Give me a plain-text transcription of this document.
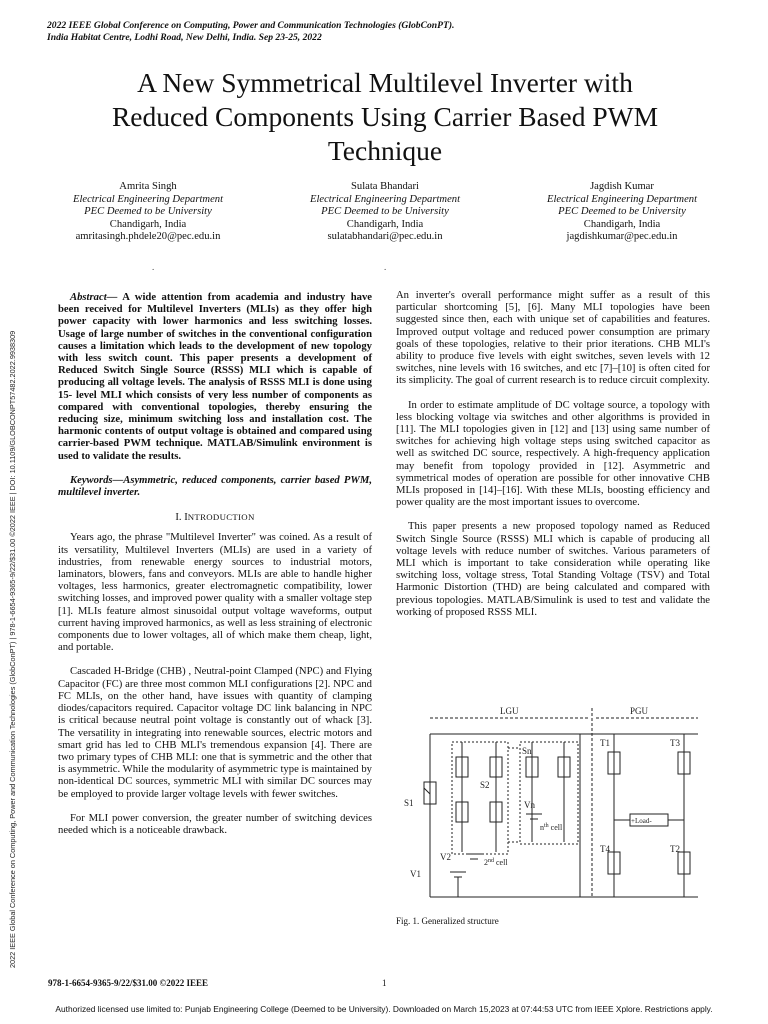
2022 IEEE Global Conference on Computing, Power and Communication Technologies (GlobConPT).
India Habitat Centre, Lodhi Road, New Delhi, India. Sep 23-25, 2022
A New Symmetrical Multilevel Inverter with
Reduced Components Using Carrier Based PWM
Technique
Amrita Singh
Electrical Engineering Department
PEC Deemed to be University
Chandigarh, India
amritasingh.phdele20@pec.edu.in
Sulata Bhandari
Electrical Engineering Department
PEC Deemed to be University
Chandigarh, India
sulatabhandari@pec.edu.in
Jagdish Kumar
Electrical Engineering Department
PEC Deemed to be University
Chandigarh, India
jagdishkumar@pec.edu.in
.	.
2022 IEEE Global Conference on Computing, Power and Communication Technologies (GlobConPT) | 978-1-6654-9365-9/22/$31.00 ©2022 IEEE | DOI: 10.1109/GLOBCONPT57482.2022.9938309
Abstract— A wide attention from academia and industry have been received for Multilevel Inverters (MLIs) as they offer high power capacity with lower harmonics and less switching losses. Usage of large number of switches in the conventional configuration causes a limitation which leads to the development of new topology with less switch count. This paper presents a development of Reduced Switch Single Source (RSSS) MLI which is capable of producing all voltage levels. The analysis of RSSS MLI is done using 15- level MLI which consists of very less number of components as compared with conventional topologies, thereby ensuring the reducing size, minimum switching loss and installation cost. The harmonic contents of output voltage is obtained and compared using carrier-based PWM technique. MATLAB/Simulink environment is used to validate the results.
Keywords—Asymmetric, reduced components, carrier based PWM, multilevel inverter.
I. INTRODUCTION

Years ago, the phrase "Multilevel Inverter" was coined. As a result of its versatility, Multilevel Inverters (MLIs) are used in a variety of industries, from renewable energy sources to industrial motors, laminators, blowers, fans and conveyors. MLIs are able to handle higher voltages, less harmonics, greater electromagnetic compatibility, lower switching losses, and improved power quality with a smaller voltage step [1]. MLIs feature almost sinusoidal output voltage waveforms, output current having improved harmonics, as well as less straining of electronic components due to lower voltages, all of which make them cheap, light, and portable.

Cascaded H-Bridge (CHB) , Neutral-point Clamped (NPC) and Flying Capacitor (FC) are three most common MLI configurations [2]. NPC and FC MLIs, on the other hand, have issues with quantity of clamping diodes/capacitors required. Capacitor voltage DC link balancing in NPC is critical because neutral point voltage is constantly out of whack [3]. The versatility in integrating into renewable sources, electric motors and smart grid has led to CHB MLI's tremendous expansion [4]. There are two primary types of CHB MLI: one that is symmetric and the other that is asymmetric. While the modularity of asymmetric type is maintained by non-identical DC sources, symmetric MLI with similar DC sources may be employed to provide larger voltage levels with fewer switches.

For MLI power conversion, the greater number of switching devices needed which is a noticeable drawback.

An inverter's overall performance might suffer as a result of this particular shortcoming [5], [6]. Many MLI topologies have been suggested since then, each with unique set of capabilities and features. Improved output voltage and reduced power consumption are primary goals of these topologies, relative to their prior iterations. CHB MLI's ability to produce five levels with eight switches, seven levels with 12 switches, nine levels with 16 switches, and etc [7]–[10] is often cited for its simplicity. The goal of current research is to reduce circuit complexity.

In order to estimate amplitude of DC voltage source, a topology with less blocking voltage via switches and other algorithms is provided in [11]. The MLI topologies given in [12] and [13] using same number of switches for achieving high voltage steps using switched capacitor as well as switched DC source, respectively. A high-frequency application may benefit from topology provided in [12]. Asymmetric and symmetrical modes of operation are possible for other innovative CHB MLIs proposed in [14]–[16]. With these MLIs, boosting efficiency and power quality are the most important issues to overcome.

This paper presents a new proposed topology named as Reduced Switch Single Source (RSSS) MLI which is capable of producing all voltage levels with reduce number of switches. Various parameters of MLI which is important to take consideration while operating like switching loss, voltage stress, Total Standing Voltage (TSV) and Total Harmonic Distortion (THD) are being calculated and compared with previous topologies. MATLAB/Simulink is used to test and validate the working of proposed RSSS MLI.

LGU	PGU
S1
V1
S2
V2
2nd cell
Sn
Vn
$n^{th}$ cell
T1	T3
T4	T2
+Load-
Fig. 1. Generalized structure
978-1-6654-9365-9/22/$31.00 ©2022 IEEE	1
Authorized licensed use limited to: Punjab Engineering College (Deemed to be University). Downloaded on March 15,2023 at 07:44:53 UTC from IEEE Xplore. Restrictions apply.
